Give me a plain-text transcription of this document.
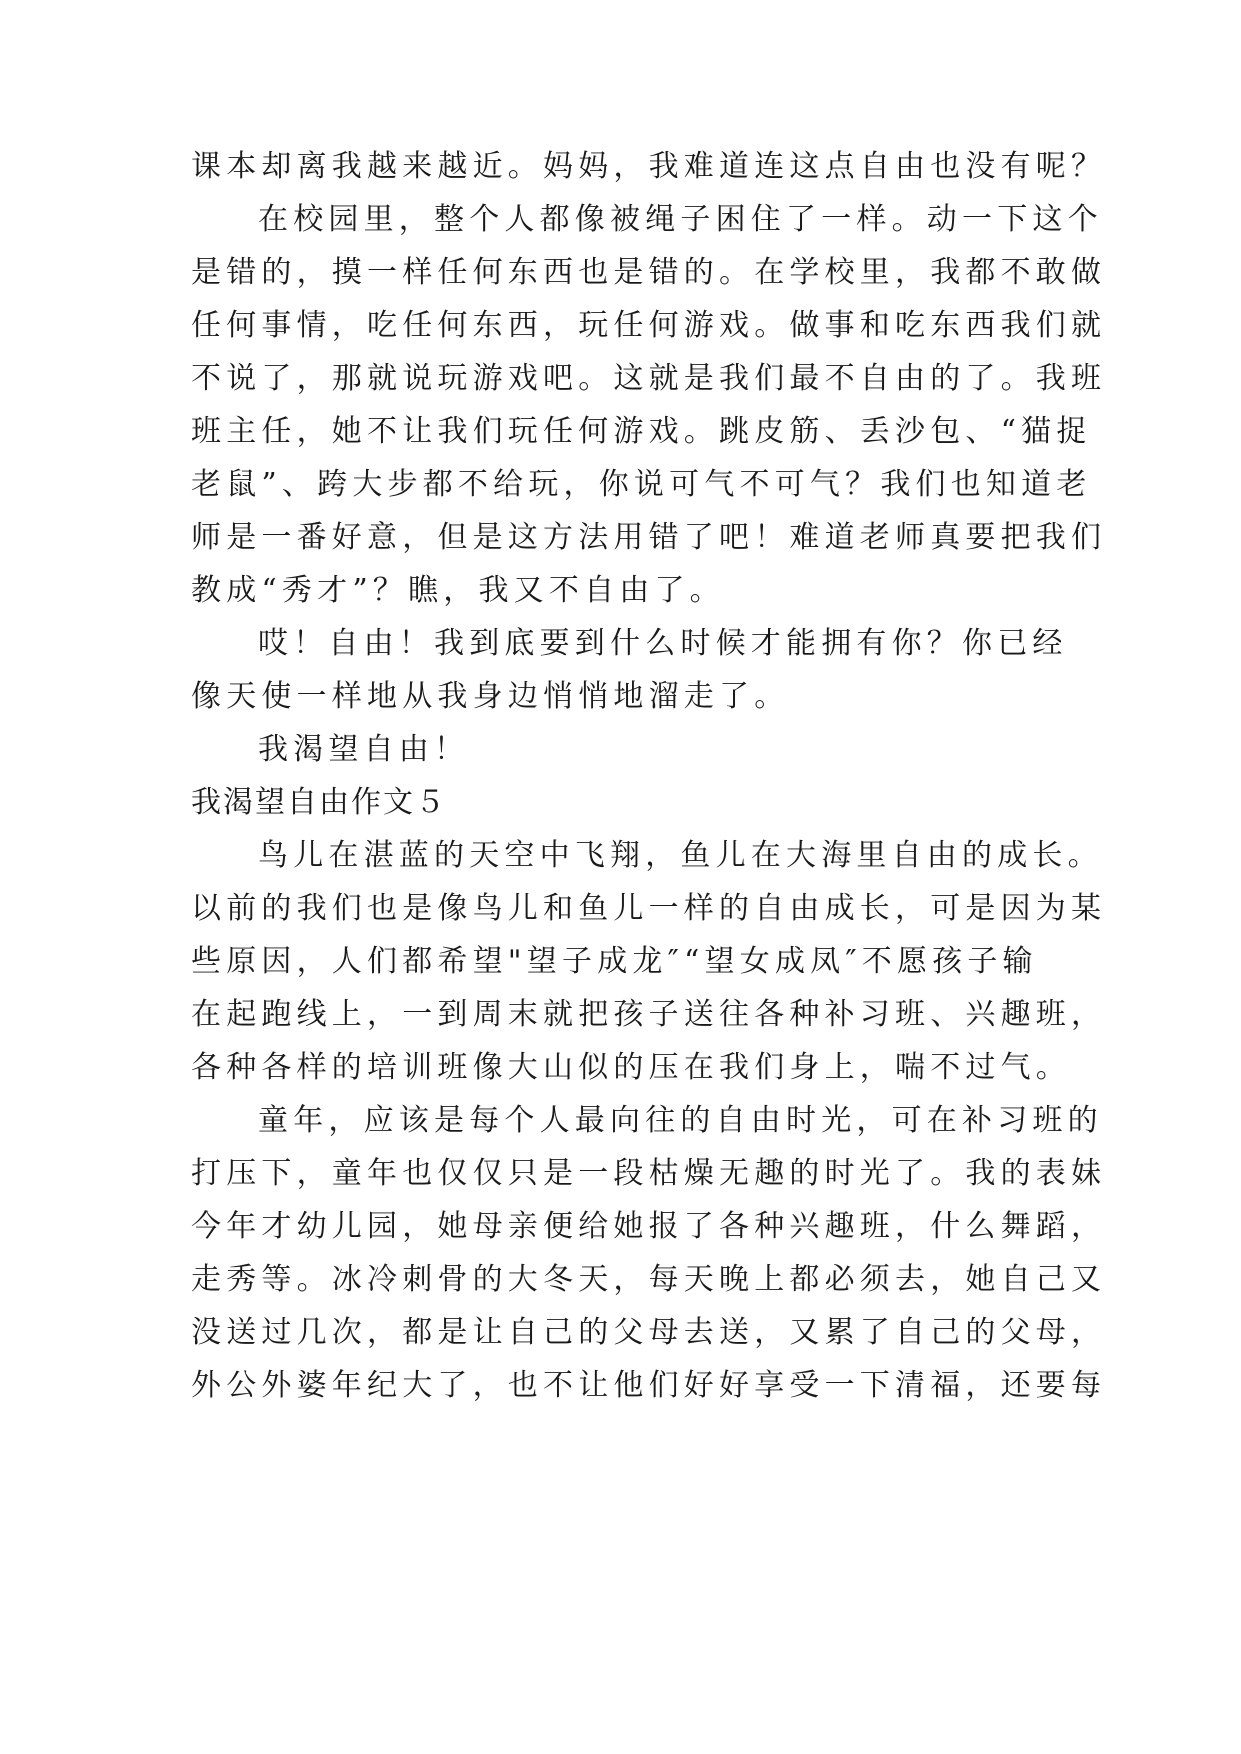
课本却离我越来越近。妈妈，我难道连这点自由也没有呢？
在校园里，整个人都像被绳子困住了一样。动一下这个
是错的，摸一样任何东西也是错的。在学校里，我都不敢做
任何事情，吃任何东西，玩任何游戏。做事和吃东西我们就
不说了，那就说玩游戏吧。这就是我们最不自由的了。我班
班主任，她不让我们玩任何游戏。跳皮筋、丢沙包、“猫捉
老鼠”、跨大步都不给玩，你说可气不可气？我们也知道老
师是一番好意，但是这方法用错了吧！难道老师真要把我们
教成“秀才”？瞧，我又不自由了。
哎！自由！我到底要到什么时候才能拥有你？你已经
像天使一样地从我身边悄悄地溜走了。
我渴望自由！
我渴望自由作文５
鸟儿在湛蓝的天空中飞翔，鱼儿在大海里自由的成长。
以前的我们也是像鸟儿和鱼儿一样的自由成长，可是因为某
些原因，人们都希望"望子成龙″“望女成凤″不愿孩子输
在起跑线上，一到周末就把孩子送往各种补习班、兴趣班，
各种各样的培训班像大山似的压在我们身上，喘不过气。
童年，应该是每个人最向往的自由时光，可在补习班的
打压下，童年也仅仅只是一段枯燥无趣的时光了。我的表妹
今年才幼儿园，她母亲便给她报了各种兴趣班，什么舞蹈，
走秀等。冰冷刺骨的大冬天，每天晚上都必须去，她自己又
没送过几次，都是让自己的父母去送，又累了自己的父母，
外公外婆年纪大了，也不让他们好好享受一下清福，还要每
